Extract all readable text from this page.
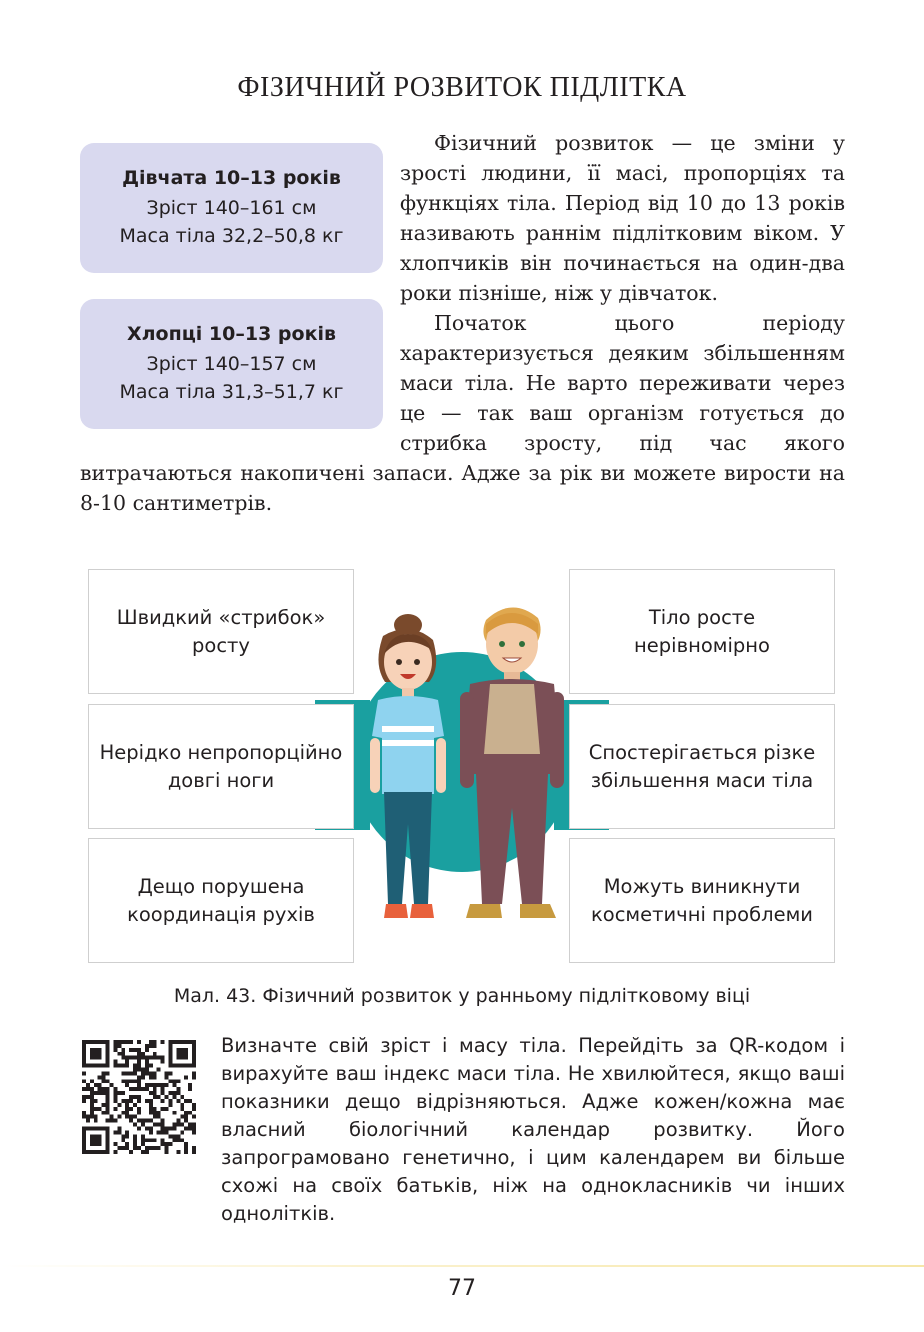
ФІЗИЧНИЙ РОЗВИТОК ПІДЛІТКА

Фізичний розвиток — це зміни у зрості людини, її масі, пропорціях та функціях тіла. Період від 10 до 13 років називають раннім підлітковим віком. У хлопчиків він починається на один-два роки пізніше, ніж у дівчаток.

Початок цього періоду характеризується деяким збільшенням маси тіла. Не варто переживати через це — так ваш організм готується до стрибка зросту, під час якого витрачаються накопичені запаси. Адже за рік ви можете вирости на 8-10 сантиметрів.

Дівчата 10–13 років
Зріст 140–161 см
Маса тіла 32,2–50,8 кг
Хлопці 10–13 років
Зріст 140–157 см
Маса тіла 31,3–51,7 кг
Швидкий «стрибок» росту
Нерідко непропорційно довгі ноги
Дещо порушена координація рухів
Тіло росте нерівномірно
Спостерігається різке збільшення маси тіла
Можуть виникнути косметичні проблеми
Мал. 43. Фізичний розвиток у ранньому підлітковому віці

Визначте свій зріст і масу тіла. Перейдіть за QR-кодом і вирахуйте ваш індекс маси тіла. Не хвилюйтеся, якщо ваші показники дещо відрізняються. Адже кожен/кожна має власний біологічний календар розвитку. Його запрограмовано генетично, і цим календарем ви більше схожі на своїх батьків, ніж на однокласників чи інших однолітків.

77
